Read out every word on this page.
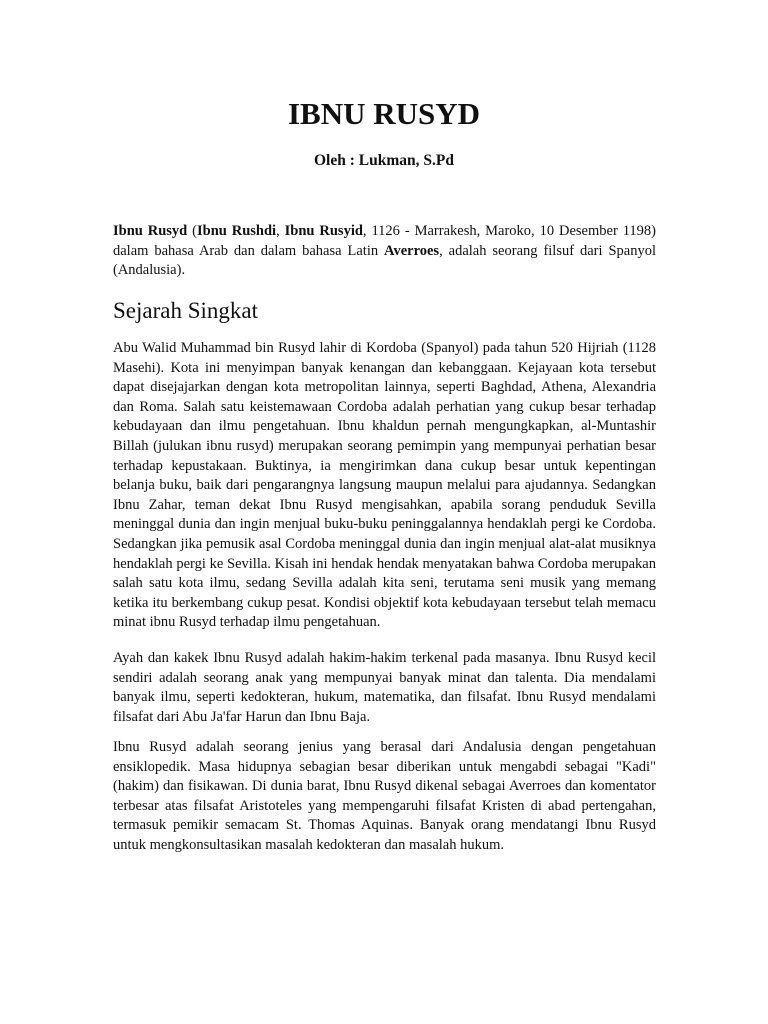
IBNU RUSYD

Oleh : Lukman, S.Pd

Ibnu Rusyd (Ibnu Rushdi, Ibnu Rusyid, 1126 - Marrakesh, Maroko, 10 Desember 1198) dalam bahasa Arab dan dalam bahasa Latin Averroes, adalah seorang filsuf dari Spanyol (Andalusia).

Sejarah Singkat

Abu Walid Muhammad bin Rusyd lahir di Kordoba (Spanyol) pada tahun 520 Hijriah (1128 Masehi). Kota ini menyimpan banyak kenangan dan kebanggaan. Kejayaan kota tersebut dapat disejajarkan dengan kota metropolitan lainnya, seperti Baghdad, Athena, Alexandria dan Roma. Salah satu keistemawaan Cordoba adalah perhatian yang cukup besar terhadap kebudayaan dan ilmu pengetahuan. Ibnu khaldun pernah mengungkapkan, al-Muntashir Billah (julukan ibnu rusyd) merupakan seorang pemimpin yang mempunyai perhatian besar terhadap kepustakaan. Buktinya, ia mengirimkan dana cukup besar untuk kepentingan belanja buku, baik dari pengarangnya langsung maupun melalui para ajudannya. Sedangkan Ibnu Zahar, teman dekat Ibnu Rusyd mengisahkan, apabila sorang penduduk Sevilla meninggal dunia dan ingin menjual buku-buku peninggalannya hendaklah pergi ke Cordoba. Sedangkan jika pemusik asal Cordoba meninggal dunia dan ingin menjual alat-alat musiknya hendaklah pergi ke Sevilla. Kisah ini hendak hendak menyatakan bahwa Cordoba merupakan salah satu kota ilmu, sedang Sevilla adalah kita seni, terutama seni musik yang memang ketika itu berkembang cukup pesat. Kondisi objektif kota kebudayaan tersebut telah memacu minat ibnu Rusyd terhadap ilmu pengetahuan.

Ayah dan kakek Ibnu Rusyd adalah hakim-hakim terkenal pada masanya. Ibnu Rusyd kecil sendiri adalah seorang anak yang mempunyai banyak minat dan talenta. Dia mendalami banyak ilmu, seperti kedokteran, hukum, matematika, dan filsafat. Ibnu Rusyd mendalami filsafat dari Abu Ja'far Harun dan Ibnu Baja.

Ibnu Rusyd adalah seorang jenius yang berasal dari Andalusia dengan pengetahuan ensiklopedik. Masa hidupnya sebagian besar diberikan untuk mengabdi sebagai "Kadi" (hakim) dan fisikawan. Di dunia barat, Ibnu Rusyd dikenal sebagai Averroes dan komentator terbesar atas filsafat Aristoteles yang mempengaruhi filsafat Kristen di abad pertengahan, termasuk pemikir semacam St. Thomas Aquinas. Banyak orang mendatangi Ibnu Rusyd untuk mengkonsultasikan masalah kedokteran dan masalah hukum.
